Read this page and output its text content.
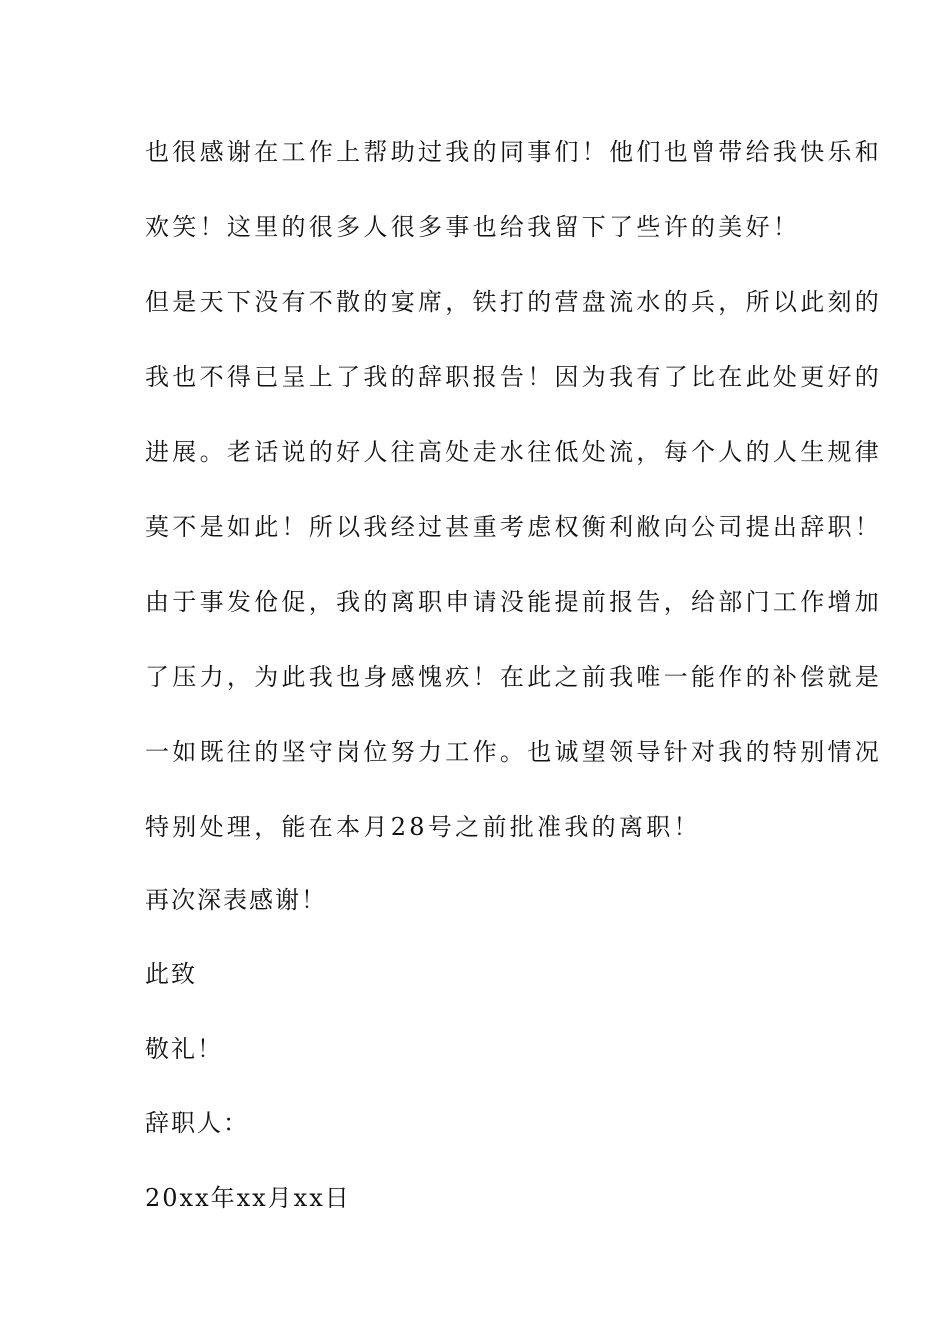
也很感谢在工作上帮助过我的同事们！他们也曾带给我快乐和
欢笑！这里的很多人很多事也给我留下了些许的美好！
但是天下没有不散的宴席，铁打的营盘流水的兵，所以此刻的
我也不得已呈上了我的辞职报告！因为我有了比在此处更好的
进展。老话说的好人往高处走水往低处流，每个人的人生规律
莫不是如此！所以我经过甚重考虑权衡利敝向公司提出辞职！
由于事发伧促，我的离职申请没能提前报告，给部门工作增加
了压力，为此我也身感愧疚！在此之前我唯一能作的补偿就是
一如既往的坚守岗位努力工作。也诚望领导针对我的特别情况
特别处理，能在本月28号之前批准我的离职！
再次深表感谢！
此致
敬礼！
辞职人：
20xx年xx月xx日
